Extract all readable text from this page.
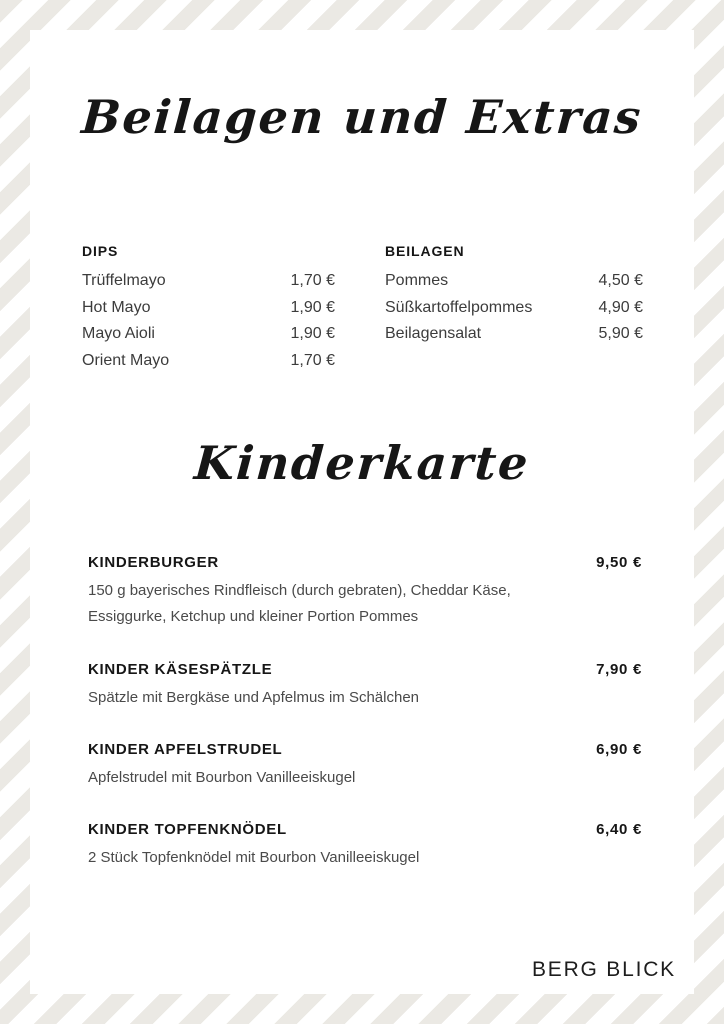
Beilagen und Extras
DIPS
Trüffelmayo	1,70 €
Hot Mayo	1,90 €
Mayo Aioli	1,90 €
Orient Mayo	1,70 €
BEILAGEN
Pommes	4,50 €
Süßkartoffelpommes	4,90 €
Beilagensalat	5,90 €
Kinderkarte
KINDERBURGER	9,50 €

150 g bayerisches Rindfleisch (durch gebraten), Cheddar Käse, Essiggurke, Ketchup und kleiner Portion Pommes

KINDER KÄSESPÄTZLE	7,90 €

Spätzle mit Bergkäse und Apfelmus im Schälchen

KINDER APFELSTRUDEL	6,90 €

Apfelstrudel mit Bourbon Vanilleeiskugel

KINDER TOPFENKNÖDEL	6,40 €

2 Stück Topfenknödel mit Bourbon Vanilleeiskugel

BERG BLICK
